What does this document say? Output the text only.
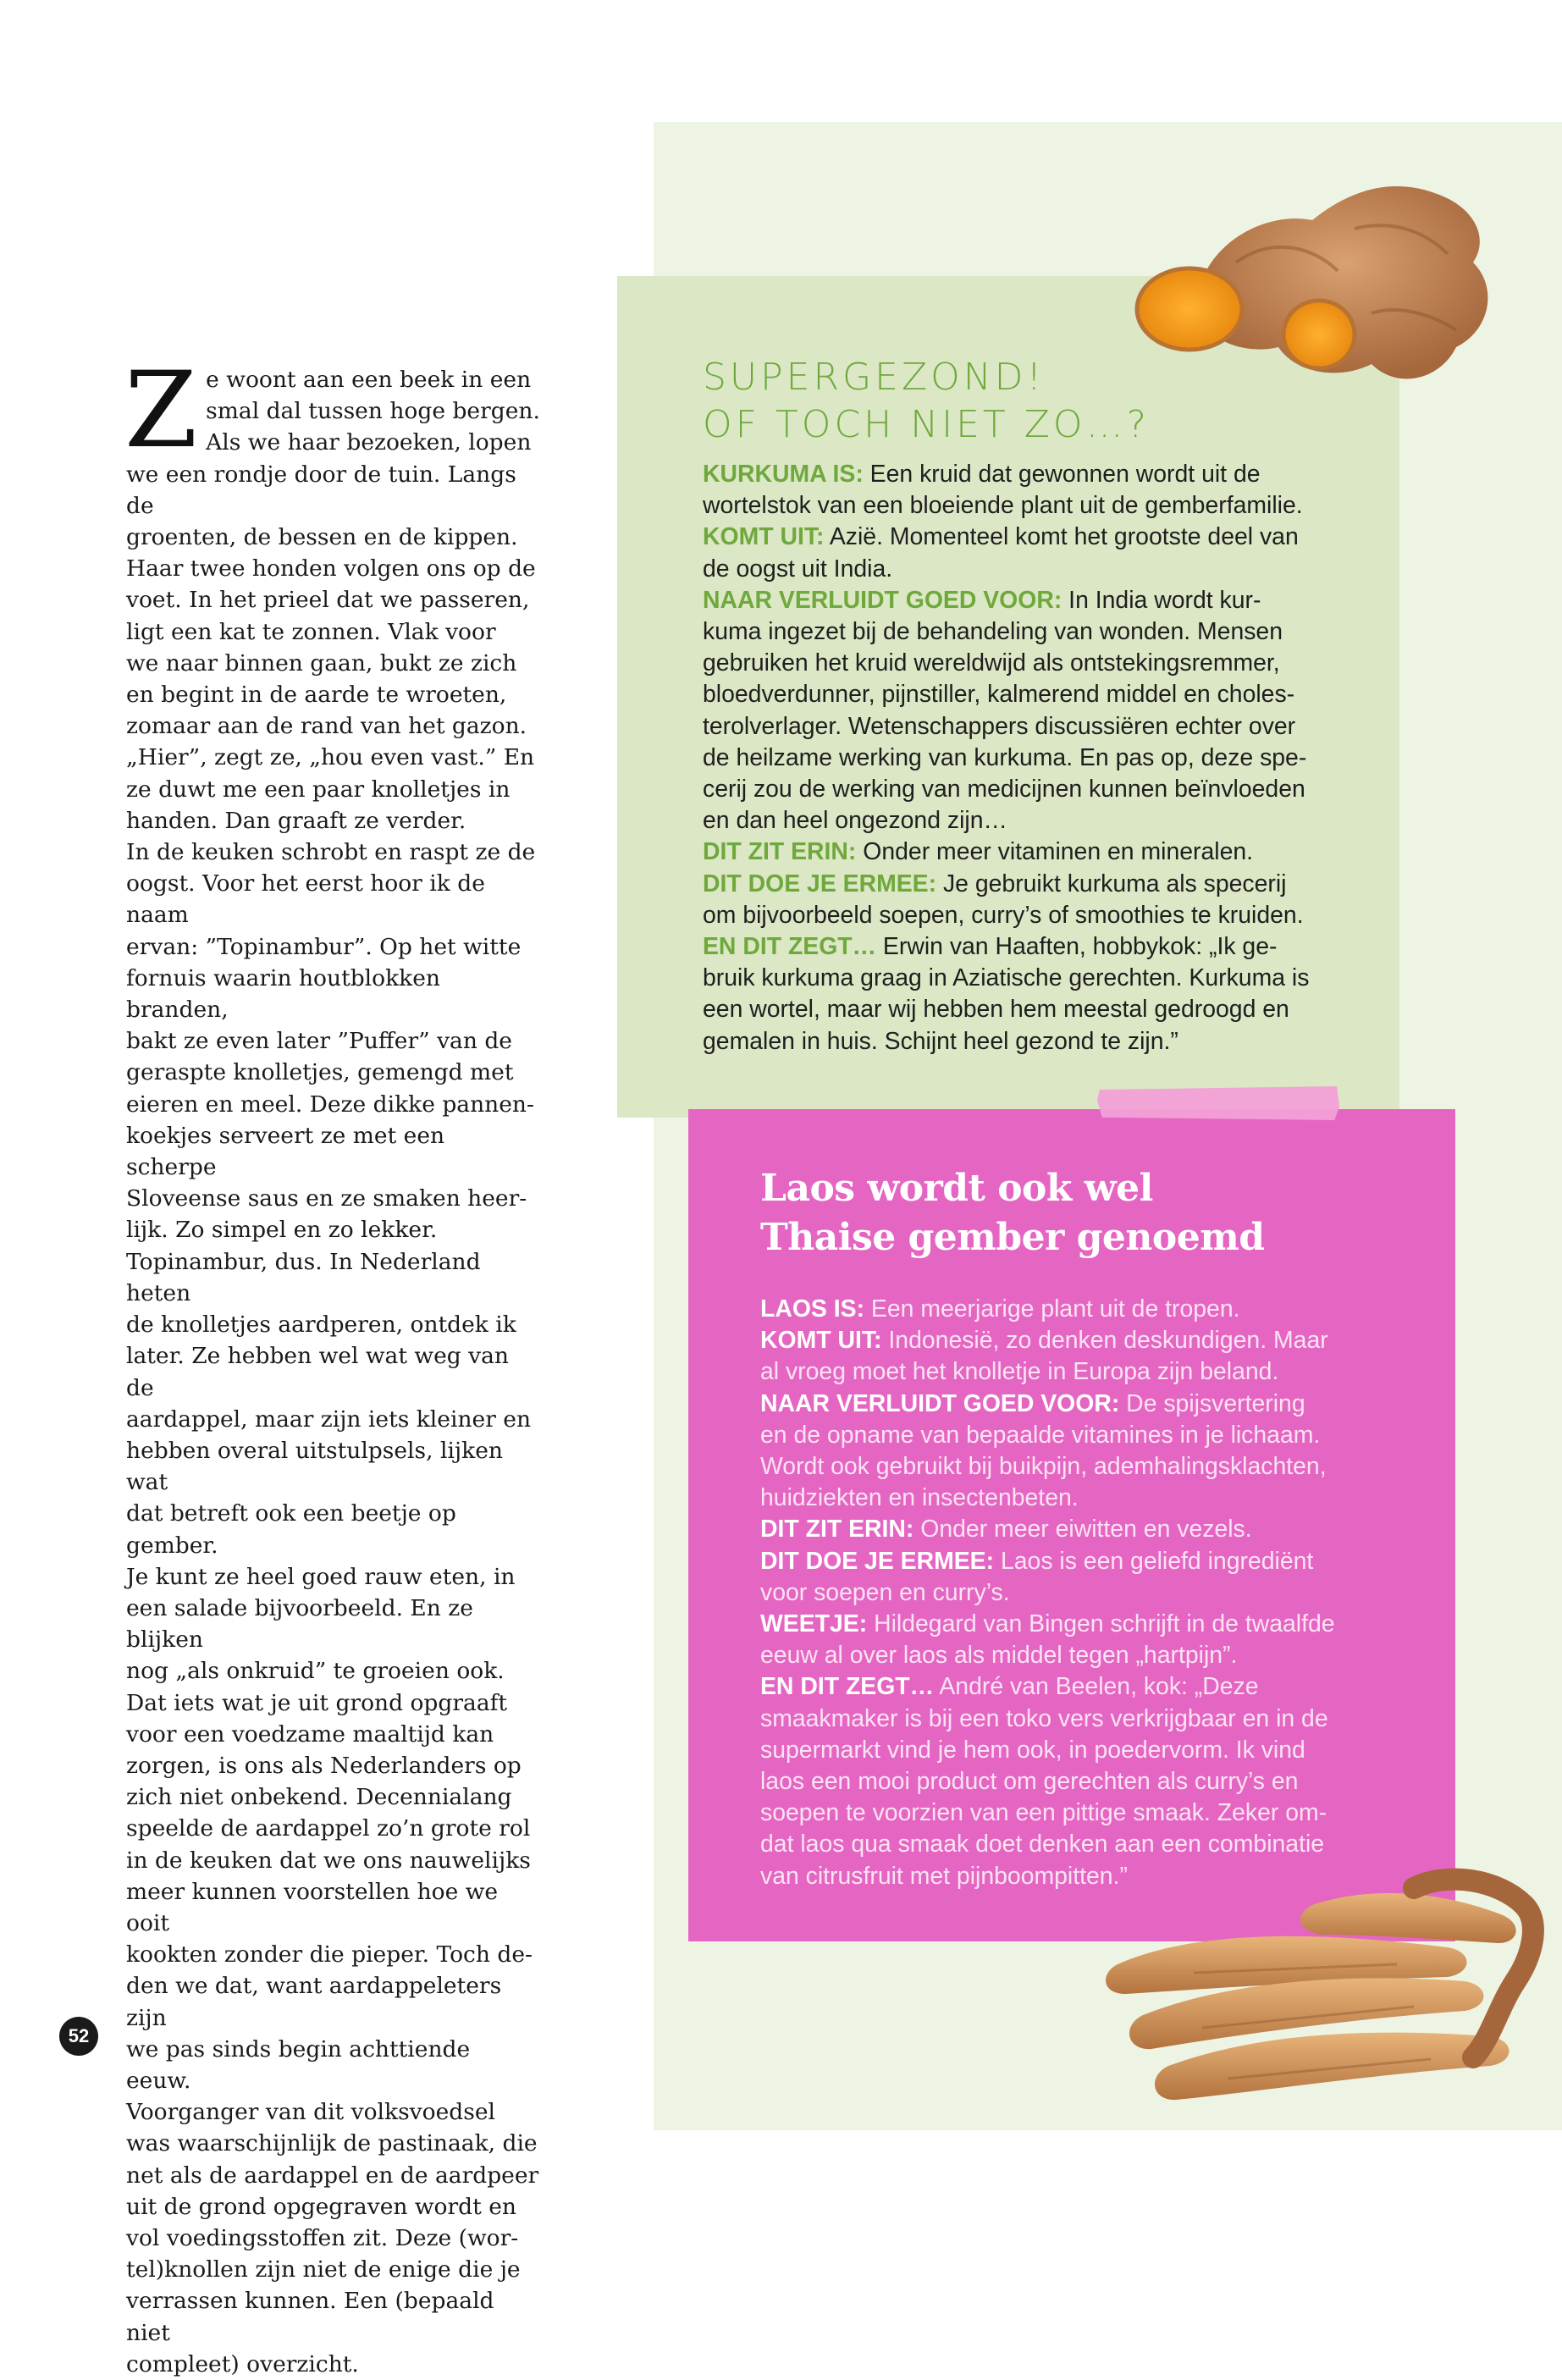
Z e woont aan een beek in een

smal dal tussen hoge bergen.

Als we haar bezoeken, lopen

we een rondje door de tuin. Langs de

groenten, de bessen en de kippen.

Haar twee honden volgen ons op de

voet. In het prieel dat we passeren,

ligt een kat te zonnen. Vlak voor

we naar binnen gaan, bukt ze zich

en begint in de aarde te wroeten,

zomaar aan de rand van het gazon.

„Hier”, zegt ze, „hou even vast.” En

ze duwt me een paar knolletjes in

handen. Dan graaft ze verder.

In de keuken schrobt en raspt ze de

oogst. Voor het eerst hoor ik de naam

ervan: ”Topinambur”. Op het witte

fornuis waarin houtblokken branden,

bakt ze even later ”Puffer” van de

geraspte knolletjes, gemengd met

eieren en meel. Deze dikke pannen-

koekjes serveert ze met een scherpe

Sloveense saus en ze smaken heer-

lijk. Zo simpel en zo lekker.

Topinambur, dus. In Nederland heten

de knolletjes aardperen, ontdek ik

later. Ze hebben wel wat weg van de

aardappel, maar zijn iets kleiner en

hebben overal uitstulpsels, lijken wat

dat betreft ook een beetje op gember.

Je kunt ze heel goed rauw eten, in

een salade bijvoorbeeld. En ze blijken

nog „als onkruid” te groeien ook.

Dat iets wat je uit grond opgraaft

voor een voedzame maaltijd kan

zorgen, is ons als Nederlanders op

zich niet onbekend. Decennialang

speelde de aardappel zo’n grote rol

in de keuken dat we ons nauwelijks

meer kunnen voorstellen hoe we ooit

kookten zonder die pieper. Toch de-

den we dat, want aardappeleters zijn

we pas sinds begin achttiende eeuw.

Voorganger van dit volksvoedsel

was waarschijnlijk de pastinaak, die

net als de aardappel en de aardpeer

uit de grond opgegraven wordt en

vol voedingsstoffen zit. Deze (wor-

tel)knollen zijn niet de enige die je

verrassen kunnen. Een (bepaald niet

compleet) overzicht.

52
SUPERGEZOND!
OF TOCH NIET ZO…?
KURKUMA IS: Een kruid dat gewonnen wordt uit de
wortelstok van een bloeiende plant uit de gemberfamilie.
KOMT UIT: Azië. Momenteel komt het grootste deel van
de oogst uit India.
NAAR VERLUIDT GOED VOOR: In India wordt kur-
kuma ingezet bij de behandeling van wonden. Mensen
gebruiken het kruid wereldwijd als ontstekingsremmer,
bloedverdunner, pijnstiller, kalmerend middel en choles-
terolverlager. Wetenschappers discussiëren echter over
de heilzame werking van kurkuma. En pas op, deze spe-
cerij zou de werking van medicijnen kunnen beïnvloeden
en dan heel ongezond zijn…
DIT ZIT ERIN: Onder meer vitaminen en mineralen.
DIT DOE JE ERMEE: Je gebruikt kurkuma als specerij
om bijvoorbeeld soepen, curry’s of smoothies te kruiden.
EN DIT ZEGT… Erwin van Haaften, hobbykok: „Ik ge-
bruik kurkuma graag in Aziatische gerechten. Kurkuma is
een wortel, maar wij hebben hem meestal gedroogd en
gemalen in huis. Schijnt heel gezond te zijn.”
Laos wordt ook wel
Thaise gember genoemd
LAOS IS: Een meerjarige plant uit de tropen.
KOMT UIT: Indonesië, zo denken deskundigen. Maar
al vroeg moet het knolletje in Europa zijn beland.
NAAR VERLUIDT GOED VOOR: De spijsvertering
en de opname van bepaalde vitamines in je lichaam.
Wordt ook gebruikt bij buikpijn, ademhalingsklachten,
huidziekten en insectenbeten.
DIT ZIT ERIN: Onder meer eiwitten en vezels.
DIT DOE JE ERMEE: Laos is een geliefd ingrediënt
voor soepen en curry’s.
WEETJE: Hildegard van Bingen schrijft in de twaalfde
eeuw al over laos als middel tegen „hartpijn”.
EN DIT ZEGT… André van Beelen, kok: „Deze
smaakmaker is bij een toko vers verkrijgbaar en in de
supermarkt vind je hem ook, in poedervorm. Ik vind
laos een mooi product om gerechten als curry’s en
soepen te voorzien van een pittige smaak. Zeker om-
dat laos qua smaak doet denken aan een combinatie
van citrusfruit met pijnboompitten.”
